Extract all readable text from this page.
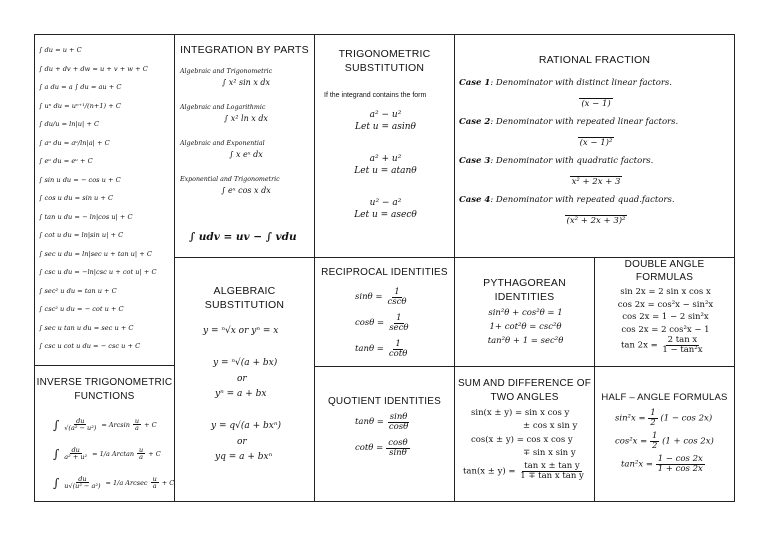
∫ du = u + C
∫ du + dv + dw = u + v + w + C
∫ a du = a ∫ du = au + C
∫ uⁿ du = uⁿ⁺¹/(n+1) + C
∫ du/u = ln|u| + C
∫ aᵘ du = aᵘ/ln|a| + C
∫ eᵘ du = eᵘ + C
∫ sin u du = − cos u + C
∫ cos u du = sin u + C
∫ tan u du = − ln|cos u| + C
∫ cot u du = ln|sin u| + C
∫ sec u du = ln|sec u + tan u| + C
∫ csc u du = −ln|csc u + cot u| + C
∫ sec² u du = tan u + C
∫ csc² u du = − cot u + C
∫ sec u tan u du = sec u + C
∫ csc u cot u du = − csc u + C
INVERSE TRIGONOMETRIC
FUNCTIONS
∫ $\frac{du}{\text{√(a² − u²)}} = Arcsin \frac{u}{a} + C$
∫ $\frac{du}{\text{a² + u²}} = 1/a$ Arctan $\frac{u}{a} + C$
∫ $\frac{du}{\text{u√(u² − a²)}} = 1/a$ Arcsec $\frac{u}{a} + C$
INTEGRATION BY PARTS
Algebraic and Trigonometric
∫ x² sin x dx
Algebraic and Logarithmic
∫ x² ln x dx
Algebraic and Exponential
∫ x eˣ dx
Exponential and Trigonometric
∫ eˣ cos x dx
∫ udv = uv − ∫ vdu
ALGEBRAIC
SUBSTITUTION
y = ⁿ√x or yⁿ = x
y = ⁿ√(a + bx)
or
yⁿ = a + bx
y = q√(a + bxⁿ)
or
yq = a + bxⁿ
TRIGONOMETRIC
SUBSTITUTION
If the integrand contains the form
a² − u²
Let u = asinθ
a² + u²
Let u = atanθ
u² − a²
Let u = asecθ
RECIPROCAL IDENTITIES
$\sin\theta = \frac{1}{\csc\theta}$
$\cos\theta = \frac{1}{\sec\theta}$
$\tan\theta = \frac{1}{\cot\theta}$
QUOTIENT IDENTITIES
$\tan\theta = \frac{\sin\theta}{\cos\theta}$
$\cot\theta = \frac{\cos\theta}{\sin\theta}$
RATIONAL FRACTION
Case 1: Denominator with distinct linear factors.
(x − 1)
Case 2: Denominator with repeated linear factors.
(x − 1)²
Case 3: Denominator with quadratic factors.
x² + 2x + 3
Case 4: Denominator with repeated quad.factors.
(x² + 2x + 3)²
PYTHAGOREAN
IDENTITIES
sin²θ + cos²θ = 1
1+ cot²θ = csc²θ
tan²θ + 1 = sec²θ
SUM AND DIFFERENCE OF
TWO ANGLES
sin(x ± y) = sin x cos y
± cos x sin y
cos(x ± y) = cos x cos y
∓ sin x sin y
$\tan(x \pm y) = \frac{\text{tan x ± tan y}}{\text{1 ∓ tan x tan y}}$
DOUBLE ANGLE
FORMULAS
sin 2x = 2 sin x cos x
cos 2x = cos²x − sin²x
cos 2x = 1 − 2 sin²x
cos 2x = 2 cos²x − 1
$\tan 2x = \frac{\text{2 tan x}}{\text{1 − tan²x}}$
HALF – ANGLE FORMULAS
$\sin^2x = \frac{1}{2} (1 - \cos 2x)$
$\cos^2x = \frac{1}{2} (1 + \cos 2x)$
$\tan^2x = \frac{1 - \cos 2x}{1 + \cos 2x}$
